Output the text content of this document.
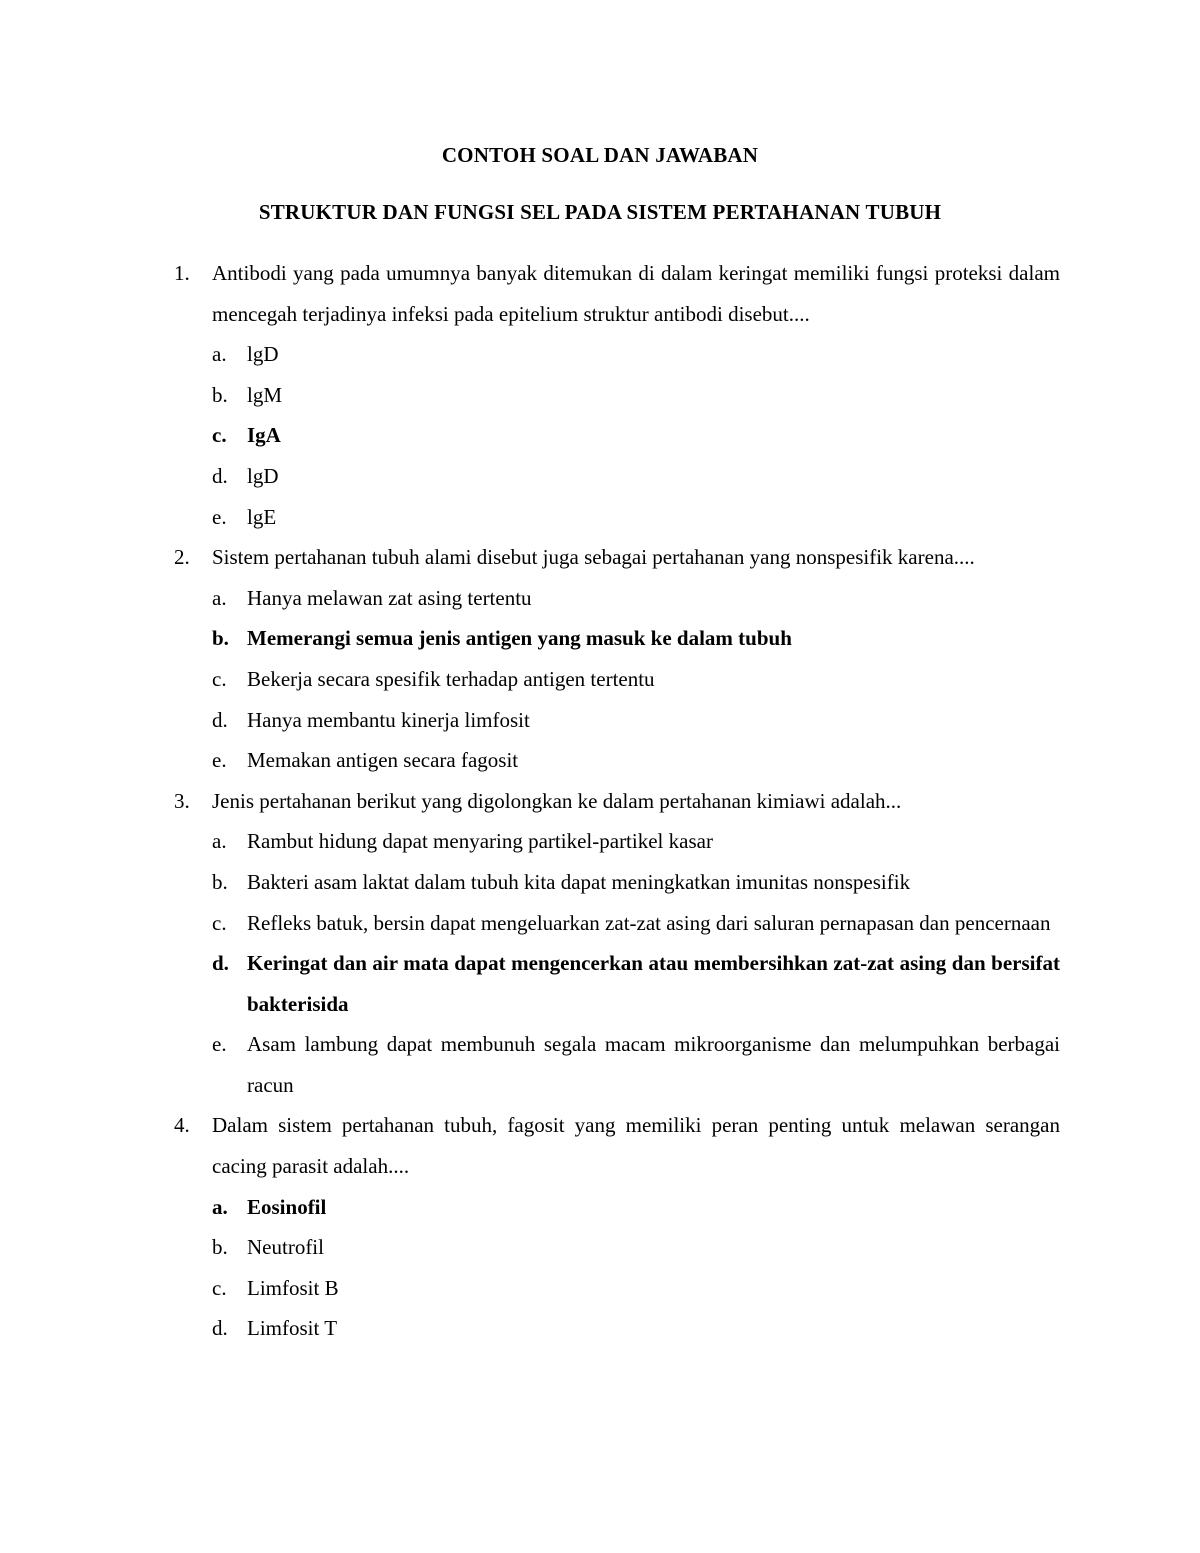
CONTOH SOAL DAN JAWABAN
STRUKTUR DAN FUNGSI SEL PADA SISTEM PERTAHANAN TUBUH
1.	Antibodi yang pada umumnya banyak ditemukan di dalam keringat memiliki fungsi proteksi dalam mencegah terjadinya infeksi pada epitelium struktur antibodi disebut....
a. lgD
b. lgM
c. IgA
d. lgD
e. lgE
2.	Sistem pertahanan tubuh alami disebut juga sebagai pertahanan yang nonspesifik karena....
a. Hanya melawan zat asing tertentu
b. Memerangi semua jenis antigen yang masuk ke dalam tubuh
c. Bekerja secara spesifik terhadap antigen tertentu
d. Hanya membantu kinerja limfosit
e. Memakan antigen secara fagosit
3.	Jenis pertahanan berikut yang digolongkan ke dalam pertahanan kimiawi adalah...
a. Rambut hidung dapat menyaring partikel-partikel kasar
b. Bakteri asam laktat dalam tubuh kita dapat meningkatkan imunitas nonspesifik
c. Refleks batuk, bersin dapat mengeluarkan zat-zat asing dari saluran pernapasan dan pencernaan
d. Keringat dan air mata dapat mengencerkan atau membersihkan zat-zat asing dan bersifat bakterisida
e. Asam lambung dapat membunuh segala macam mikroorganisme dan melumpuhkan berbagai racun
4.	Dalam sistem pertahanan tubuh, fagosit yang memiliki peran penting untuk melawan serangan cacing parasit adalah....
a. Eosinofil
b. Neutrofil
c. Limfosit B
d. Limfosit T
